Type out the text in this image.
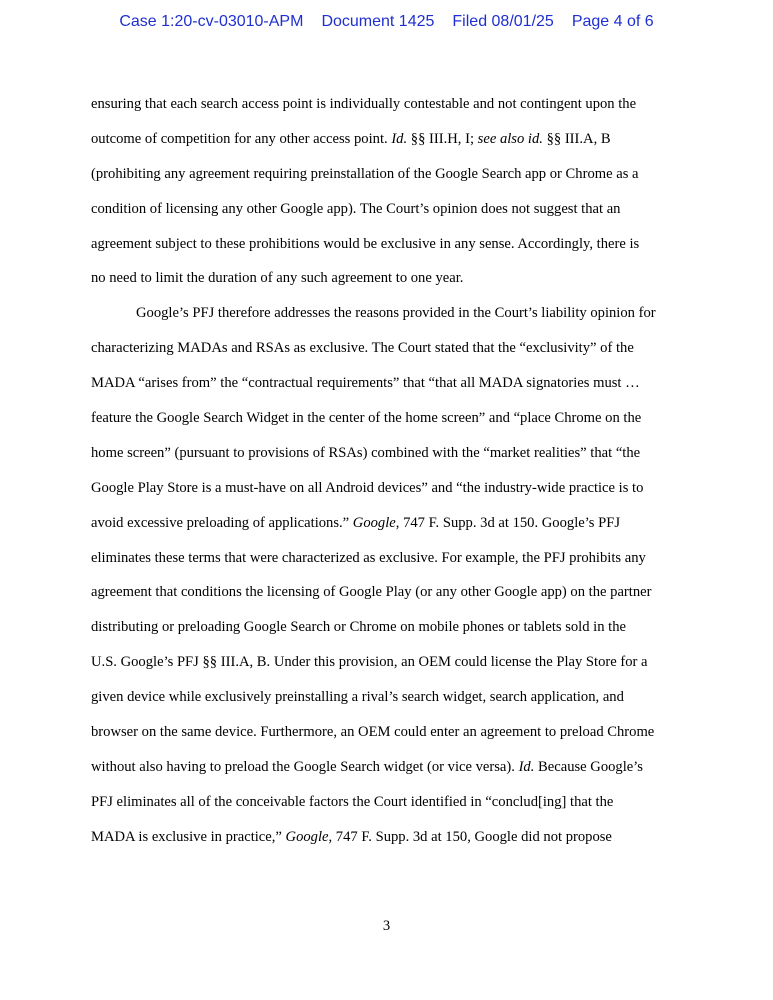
Case 1:20-cv-03010-APM Document 1425 Filed 08/01/25 Page 4 of 6
ensuring that each search access point is individually contestable and not contingent upon the
outcome of competition for any other access point. Id. §§ III.H, I; see also id. §§ III.A, B
(prohibiting any agreement requiring preinstallation of the Google Search app or Chrome as a
condition of licensing any other Google app). The Court’s opinion does not suggest that an
agreement subject to these prohibitions would be exclusive in any sense. Accordingly, there is
no need to limit the duration of any such agreement to one year.
Google’s PFJ therefore addresses the reasons provided in the Court’s liability opinion for
characterizing MADAs and RSAs as exclusive. The Court stated that the “exclusivity” of the
MADA “arises from” the “contractual requirements” that “that all MADA signatories must …
feature the Google Search Widget in the center of the home screen” and “place Chrome on the
home screen” (pursuant to provisions of RSAs) combined with the “market realities” that “the
Google Play Store is a must-have on all Android devices” and “the industry-wide practice is to
avoid excessive preloading of applications.” Google, 747 F. Supp. 3d at 150. Google’s PFJ
eliminates these terms that were characterized as exclusive. For example, the PFJ prohibits any
agreement that conditions the licensing of Google Play (or any other Google app) on the partner
distributing or preloading Google Search or Chrome on mobile phones or tablets sold in the
U.S. Google’s PFJ §§ III.A, B. Under this provision, an OEM could license the Play Store for a
given device while exclusively preinstalling a rival’s search widget, search application, and
browser on the same device. Furthermore, an OEM could enter an agreement to preload Chrome
without also having to preload the Google Search widget (or vice versa). Id. Because Google’s
PFJ eliminates all of the conceivable factors the Court identified in “conclud[ing] that the
MADA is exclusive in practice,” Google, 747 F. Supp. 3d at 150, Google did not propose
3
